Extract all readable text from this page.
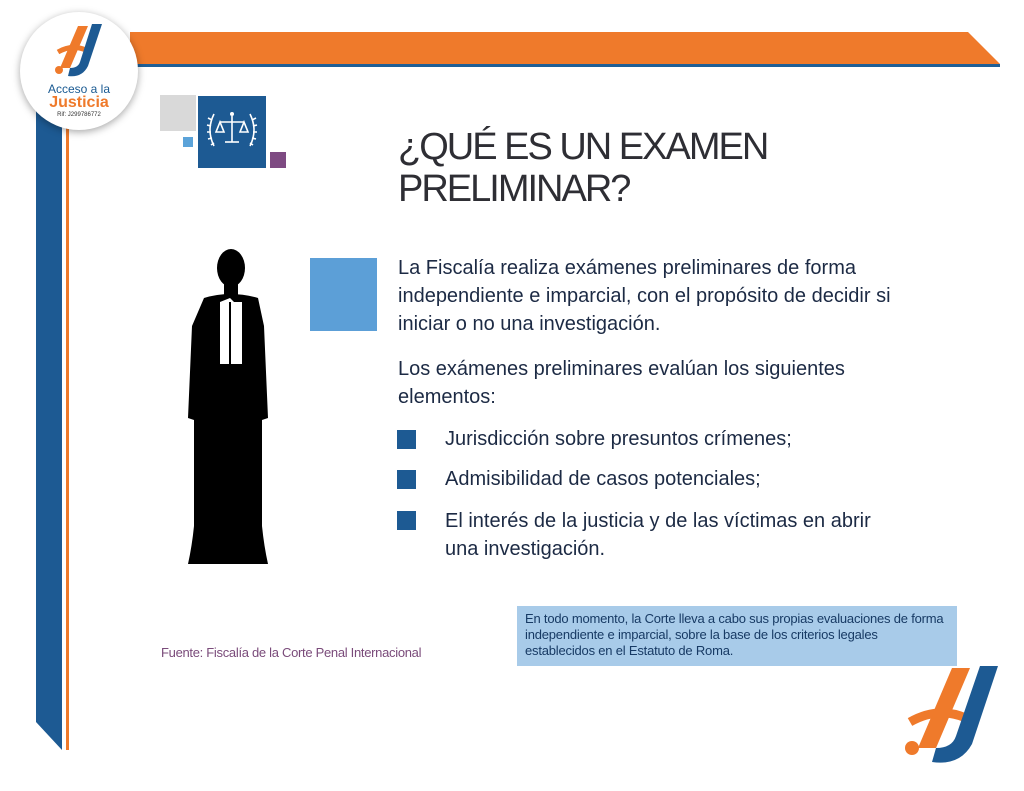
Acceso a la
Justicia
Rif: J299786772
¿QUÉ ES UN EXAMEN PRELIMINAR?

La Fiscalía realiza exámenes preliminares de forma independiente e imparcial, con el propósito de decidir si iniciar o no una investigación.

Los exámenes preliminares evalúan los siguientes elementos:

Jurisdicción sobre presuntos crímenes;
Admisibilidad de casos potenciales;
El interés de la justicia y de las víctimas en abrir una investigación.
Fuente: Fiscalía de la Corte Penal Internacional
En todo momento, la Corte lleva a cabo sus propias evaluaciones de forma independiente e imparcial, sobre la base de los criterios legales establecidos en el Estatuto de Roma.
